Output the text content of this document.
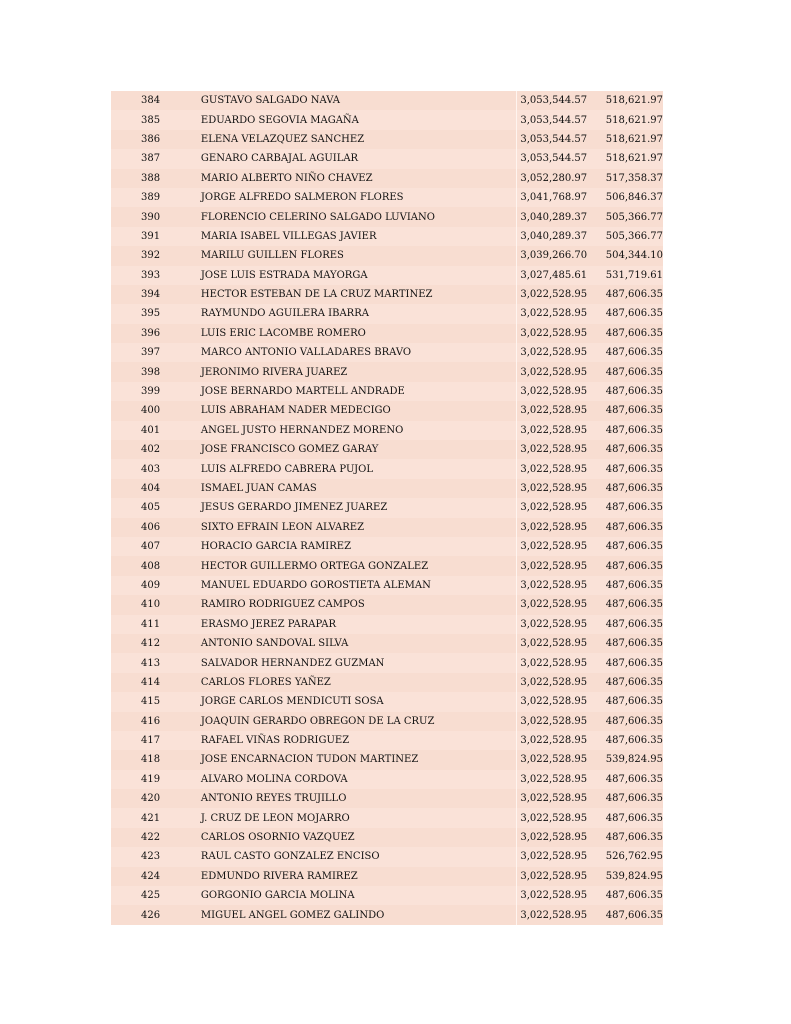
384	GUSTAVO SALGADO NAVA	3,053,544.57	518,621.97
385	EDUARDO SEGOVIA MAGAÑA	3,053,544.57	518,621.97
386	ELENA VELAZQUEZ SANCHEZ	3,053,544.57	518,621.97
387	GENARO CARBAJAL AGUILAR	3,053,544.57	518,621.97
388	MARIO ALBERTO NIÑO CHAVEZ	3,052,280.97	517,358.37
389	JORGE ALFREDO SALMERON FLORES	3,041,768.97	506,846.37
390	FLORENCIO CELERINO SALGADO LUVIANO	3,040,289.37	505,366.77
391	MARIA ISABEL VILLEGAS JAVIER	3,040,289.37	505,366.77
392	MARILU GUILLEN FLORES	3,039,266.70	504,344.10
393	JOSE LUIS ESTRADA MAYORGA	3,027,485.61	531,719.61
394	HECTOR ESTEBAN DE LA CRUZ MARTINEZ	3,022,528.95	487,606.35
395	RAYMUNDO AGUILERA IBARRA	3,022,528.95	487,606.35
396	LUIS ERIC LACOMBE ROMERO	3,022,528.95	487,606.35
397	MARCO ANTONIO VALLADARES BRAVO	3,022,528.95	487,606.35
398	JERONIMO RIVERA JUAREZ	3,022,528.95	487,606.35
399	JOSE BERNARDO MARTELL ANDRADE	3,022,528.95	487,606.35
400	LUIS ABRAHAM NADER MEDECIGO	3,022,528.95	487,606.35
401	ANGEL JUSTO HERNANDEZ MORENO	3,022,528.95	487,606.35
402	JOSE FRANCISCO GOMEZ GARAY	3,022,528.95	487,606.35
403	LUIS ALFREDO CABRERA PUJOL	3,022,528.95	487,606.35
404	ISMAEL JUAN CAMAS	3,022,528.95	487,606.35
405	JESUS GERARDO JIMENEZ JUAREZ	3,022,528.95	487,606.35
406	SIXTO EFRAIN LEON ALVAREZ	3,022,528.95	487,606.35
407	HORACIO GARCIA RAMIREZ	3,022,528.95	487,606.35
408	HECTOR GUILLERMO ORTEGA GONZALEZ	3,022,528.95	487,606.35
409	MANUEL EDUARDO GOROSTIETA ALEMAN	3,022,528.95	487,606.35
410	RAMIRO RODRIGUEZ CAMPOS	3,022,528.95	487,606.35
411	ERASMO JEREZ PARAPAR	3,022,528.95	487,606.35
412	ANTONIO SANDOVAL SILVA	3,022,528.95	487,606.35
413	SALVADOR HERNANDEZ GUZMAN	3,022,528.95	487,606.35
414	CARLOS FLORES YAÑEZ	3,022,528.95	487,606.35
415	JORGE CARLOS MENDICUTI SOSA	3,022,528.95	487,606.35
416	JOAQUIN GERARDO OBREGON DE LA CRUZ	3,022,528.95	487,606.35
417	RAFAEL VIÑAS RODRIGUEZ	3,022,528.95	487,606.35
418	JOSE ENCARNACION TUDON MARTINEZ	3,022,528.95	539,824.95
419	ALVARO MOLINA CORDOVA	3,022,528.95	487,606.35
420	ANTONIO REYES TRUJILLO	3,022,528.95	487,606.35
421	J. CRUZ DE LEON MOJARRO	3,022,528.95	487,606.35
422	CARLOS OSORNIO VAZQUEZ	3,022,528.95	487,606.35
423	RAUL CASTO GONZALEZ ENCISO	3,022,528.95	526,762.95
424	EDMUNDO RIVERA RAMIREZ	3,022,528.95	539,824.95
425	GORGONIO GARCIA MOLINA	3,022,528.95	487,606.35
426	MIGUEL ANGEL GOMEZ GALINDO	3,022,528.95	487,606.35
